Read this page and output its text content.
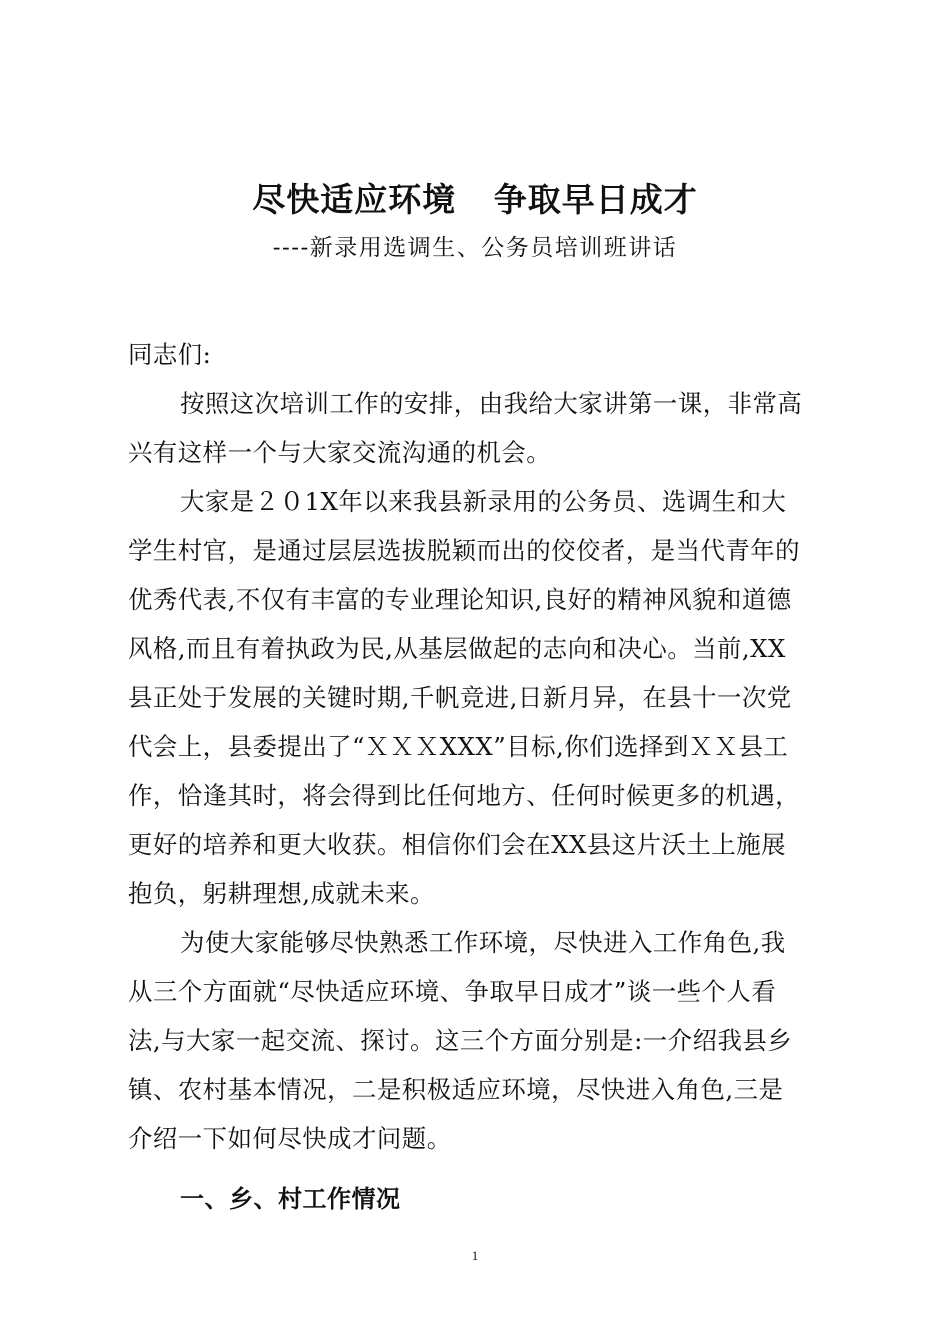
尽快适应环境   争取早日成才
----新录用选调生、公务员培训班讲话
同志们:
按照这次培训工作的安排，由我给大家讲第一课，非常高
兴有这样一个与大家交流沟通的机会。
大家是２０1X年以来我县新录用的公务员、选调生和大
学生村官，是通过层层选拔脱颖而出的佼佼者，是当代青年的
优秀代表,不仅有丰富的专业理论知识,良好的精神风貌和道德
风格,而且有着执政为民,从基层做起的志向和决心。当前,XX
县正处于发展的关键时期,千帆竞进,日新月异，在县十一次党
代会上，县委提出了“ＸＸＸXXX”目标,你们选择到ＸＸ县工
作，恰逢其时，将会得到比任何地方、任何时候更多的机遇，
更好的培养和更大收获。相信你们会在XX县这片沃土上施展
抱负，躬耕理想,成就未来。
为使大家能够尽快熟悉工作环境，尽快进入工作角色,我
从三个方面就“尽快适应环境、争取早日成才”谈一些个人看
法,与大家一起交流、探讨。这三个方面分别是:一介绍我县乡
镇、农村基本情况，二是积极适应环境，尽快进入角色,三是
介绍一下如何尽快成才问题。
一、乡、村工作情况
1
